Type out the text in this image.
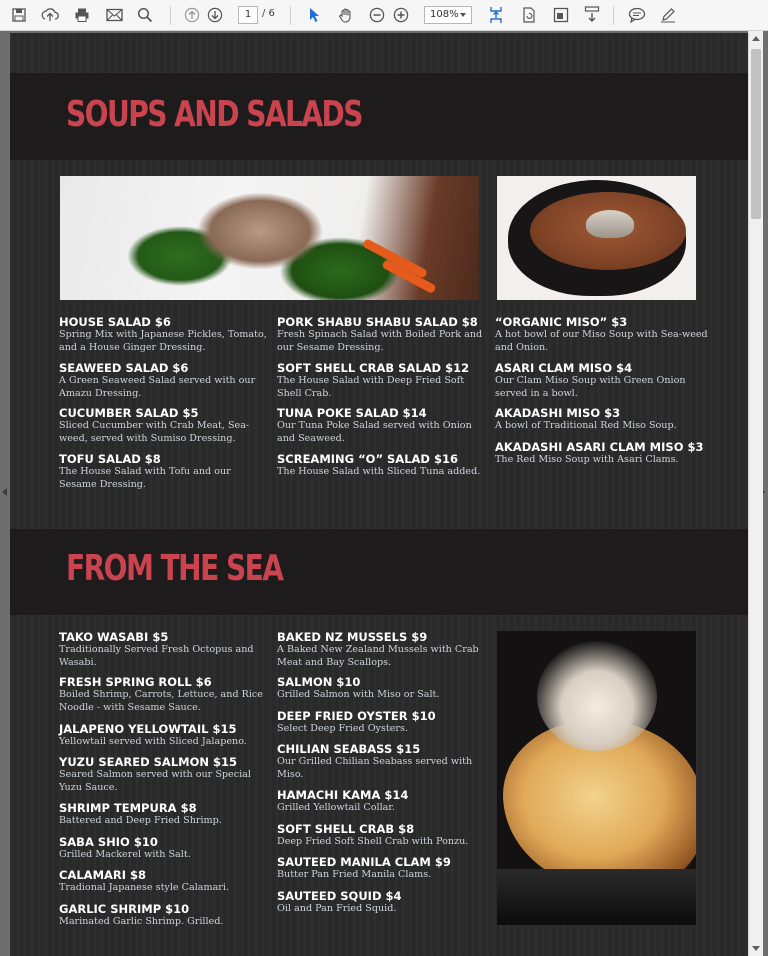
1	/ 6	108%
SOUPS AND SALADS
HOUSE SALAD $6
Spring Mix with Japanese Pickles, Tomato, and a House Ginger Dressing.
SEAWEED SALAD $6
A Green Seaweed Salad served with our Amazu Dressing.
CUCUMBER SALAD $5
Sliced Cucumber with Crab Meat, Sea-weed, served with Sumiso Dressing.
TOFU SALAD $8
The House Salad with Tofu and our Sesame Dressing.
PORK SHABU SHABU SALAD $8
Fresh Spinach Salad with Boiled Pork and our Sesame Dressing.
SOFT SHELL CRAB SALAD $12
The House Salad with Deep Fried Soft Shell Crab.
TUNA POKE SALAD $14
Our Tuna Poke Salad served with Onion and Seaweed.
SCREAMING “O” SALAD $16
The House Salad with Sliced Tuna added.
“ORGANIC MISO” $3
A hot bowl of our Miso Soup with Sea-weed and Onion.
ASARI CLAM MISO $4
Our Clam Miso Soup with Green Onion served in a bowl.
AKADASHI MISO $3
A bowl of Traditional Red Miso Soup.
AKADASHI ASARI CLAM MISO $3
The Red Miso Soup with Asari Clams.
FROM THE SEA
TAKO WASABI $5
Traditionally Served Fresh Octopus and Wasabi.
FRESH SPRING ROLL $6
Boiled Shrimp, Carrots, Lettuce, and Rice Noodle - with Sesame Sauce.
JALAPENO YELLOWTAIL $15
Yellowtail served with Sliced Jalapeno.
YUZU SEARED SALMON $15
Seared Salmon served with our Special Yuzu Sauce.
SHRIMP TEMPURA $8
Battered and Deep Fried Shrimp.
SABA SHIO $10
Grilled Mackerel with Salt.
CALAMARI $8
Tradional Japanese style Calamari.
GARLIC SHRIMP $10
Marinated Garlic Shrimp. Grilled.
BAKED NZ MUSSELS $9
A Baked New Zealand Mussels with Crab Meat and Bay Scallops.
SALMON $10
Grilled Salmon with Miso or Salt.
DEEP FRIED OYSTER $10
Select Deep Fried Oysters.
CHILIAN SEABASS $15
Our Grilled Chilian Seabass served with Miso.
HAMACHI KAMA $14
Grilled Yellowtail Collar.
SOFT SHELL CRAB $8
Deep Fried Soft Shell Crab with Ponzu.
SAUTEED MANILA CLAM $9
Butter Pan Fried Manila Clams.
SAUTEED SQUID $4
Oil and Pan Fried Squid.
